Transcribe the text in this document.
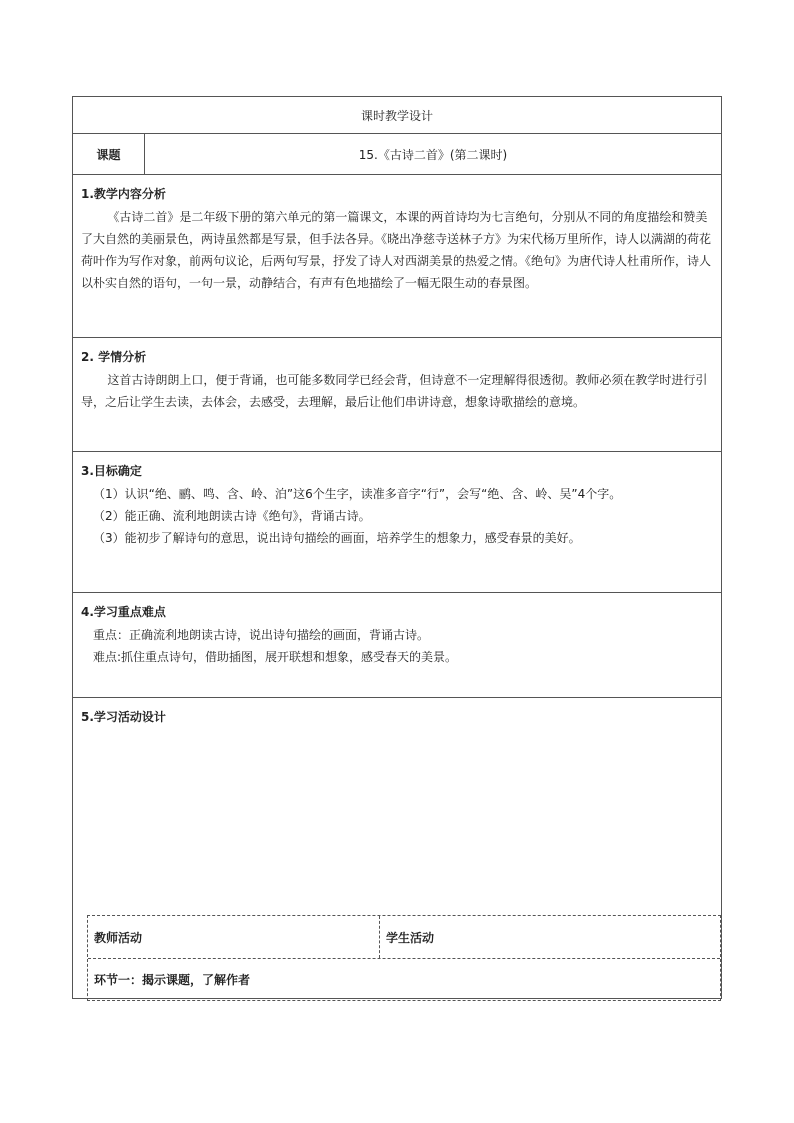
课时教学设计
课题	15.《古诗二首》(第二课时)
1.教学内容分析

《古诗二首》是二年级下册的第六单元的第一篇课文，本课的两首诗均为七言绝句，分别从不同的角度描绘和赞美了大自然的美丽景色，两诗虽然都是写景，但手法各异。《晓出净慈寺送林子方》为宋代杨万里所作，诗人以满湖的荷花荷叶作为写作对象，前两句议论，后两句写景，抒发了诗人对西湖美景的热爱之情。《绝句》为唐代诗人杜甫所作，诗人以朴实自然的语句，一句一景，动静结合，有声有色地描绘了一幅无限生动的春景图。

2. 学情分析

这首古诗朗朗上口，便于背诵，也可能多数同学已经会背，但诗意不一定理解得很透彻。教师必须在教学时进行引导，之后让学生去读，去体会，去感受，去理解，最后让他们串讲诗意，想象诗歌描绘的意境。

3.目标确定

（1）认识“绝、鹂、鸣、含、岭、泊”这6个生字，读准多音字“行”，会写“绝、含、岭、吴”4个字。

（2）能正确、流利地朗读古诗《绝句》，背诵古诗。

（3）能初步了解诗句的意思，说出诗句描绘的画面，培养学生的想象力，感受春景的美好。

4.学习重点难点

重点：正确流利地朗读古诗，说出诗句描绘的画面，背诵古诗。

难点:抓住重点诗句，借助插图，展开联想和想象，感受春天的美景。

5.学习活动设计
教师活动	学生活动
环节一：揭示课题，了解作者
